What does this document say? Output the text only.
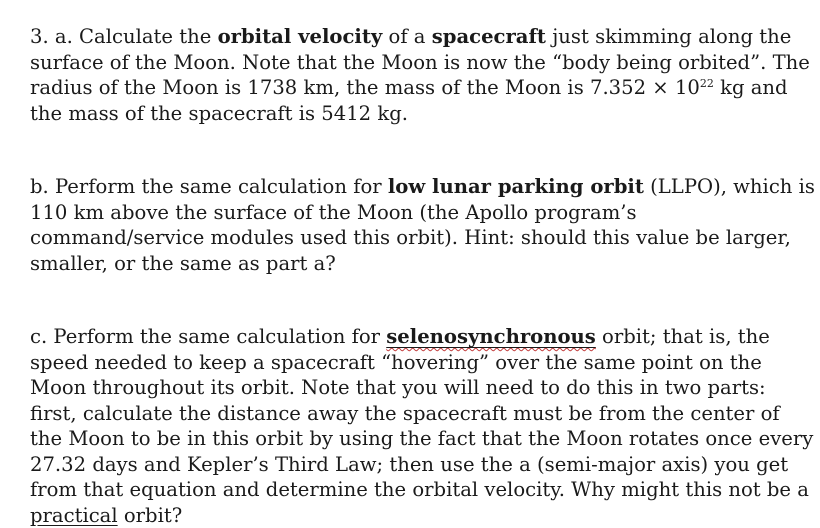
3. a. Calculate the orbital velocity of a spacecraft just skimming along the surface of the Moon. Note that the Moon is now the “body being orbited”. The radius of the Moon is 1738 km, the mass of the Moon is $7.352 \times 10^{22}$ kg and the mass of the spacecraft is 5412 kg.

b. Perform the same calculation for low lunar parking orbit (LLPO), which is 110 km above the surface of the Moon (the Apollo program’s command/service modules used this orbit). Hint: should this value be larger, smaller, or the same as part a?

c. Perform the same calculation for selenosynchronous orbit; that is, the speed needed to keep a spacecraft “hovering” over the same point on the Moon throughout its orbit. Note that you will need to do this in two parts: first, calculate the distance away the spacecraft must be from the center of the Moon to be in this orbit by using the fact that the Moon rotates once every 27.32 days and Kepler’s Third Law; then use the a (semi-major axis) you get from that equation and determine the orbital velocity. Why might this not be a practical orbit?
